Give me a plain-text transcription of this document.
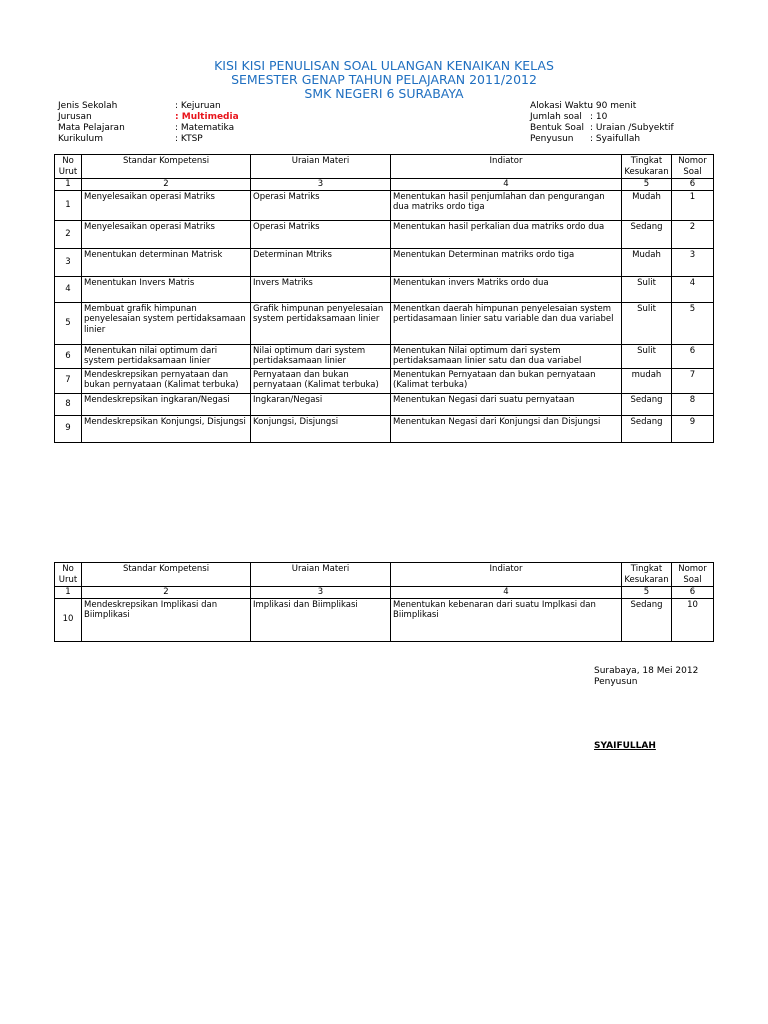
KISI KISI PENULISAN SOAL ULANGAN KENAIKAN KELAS
SEMESTER GENAP TAHUN PELAJARAN 2011/2012
SMK NEGERI 6 SURABAYA
Jenis Sekolah	: Kejuruan
Jurusan	: Multimedia
Mata Pelajaran	: Matematika
Kurikulum	: KTSP
Alokasi Waktu: 90 menit
Jumlah soal : 10
Bentuk Soal : Uraian /Subyektif
Penyusun : Syaifullah
No Urut	Standar Kompetensi	Uraian Materi	Indiator	Tingkat Kesukaran	Nomor Soal
1	2	3	4	5	6
1	Menyelesaikan operasi Matriks	Operasi Matriks	Menentukan hasil penjumlahan dan pengurangan dua matriks ordo tiga	Mudah	1
2	Menyelesaikan operasi Matriks	Operasi Matriks	Menentukan hasil perkalian dua matriks ordo dua	Sedang	2
3	Menentukan determinan Matrisk	Determinan Mtriks	Menentukan Determinan matriks ordo tiga	Mudah	3
4	Menentukan Invers Matris	Invers Matriks	Menentukan invers Matriks ordo dua	Sulit	4
5	Membuat grafik himpunan penyelesaian system pertidaksamaan linier	Grafik himpunan penyelesaian system pertidaksamaan linier	Menentkan daerah himpunan penyelesaian system pertidasamaan linier satu variable dan dua variabel	Sulit	5
6	Menentukan nilai optimum dari system pertidaksamaan linier	Nilai optimum dari system pertidaksamaan linier	Menentukan Nilai optimum dari system pertidaksamaan linier satu dan dua variabel	Sulit	6
7	Mendeskrepsikan pernyataan dan bukan pernyataan (Kalimat terbuka)	Pernyataan dan bukan pernyataan (Kalimat terbuka)	Menentukan Pernyataan dan bukan pernyataan (Kalimat terbuka)	mudah	7
8	Mendeskrepsikan ingkaran/Negasi	Ingkaran/Negasi	Menentukan Negasi dari suatu pernyataan	Sedang	8
9	Mendeskrepsikan Konjungsi, Disjungsi	Konjungsi, Disjungsi	Menentukan Negasi dari Konjungsi dan Disjungsi	Sedang	9
No Urut	Standar Kompetensi	Uraian Materi	Indiator	Tingkat Kesukaran	Nomor Soal
1	2	3	4	5	6
10	Mendeskrepsikan Implikasi dan Biimplikasi	Implikasi dan Biimplikasi	Menentukan kebenaran dari suatu Implkasi dan Biimplikasi	Sedang	10
Surabaya, 18 Mei 2012
Penyusun
SYAIFULLAH
